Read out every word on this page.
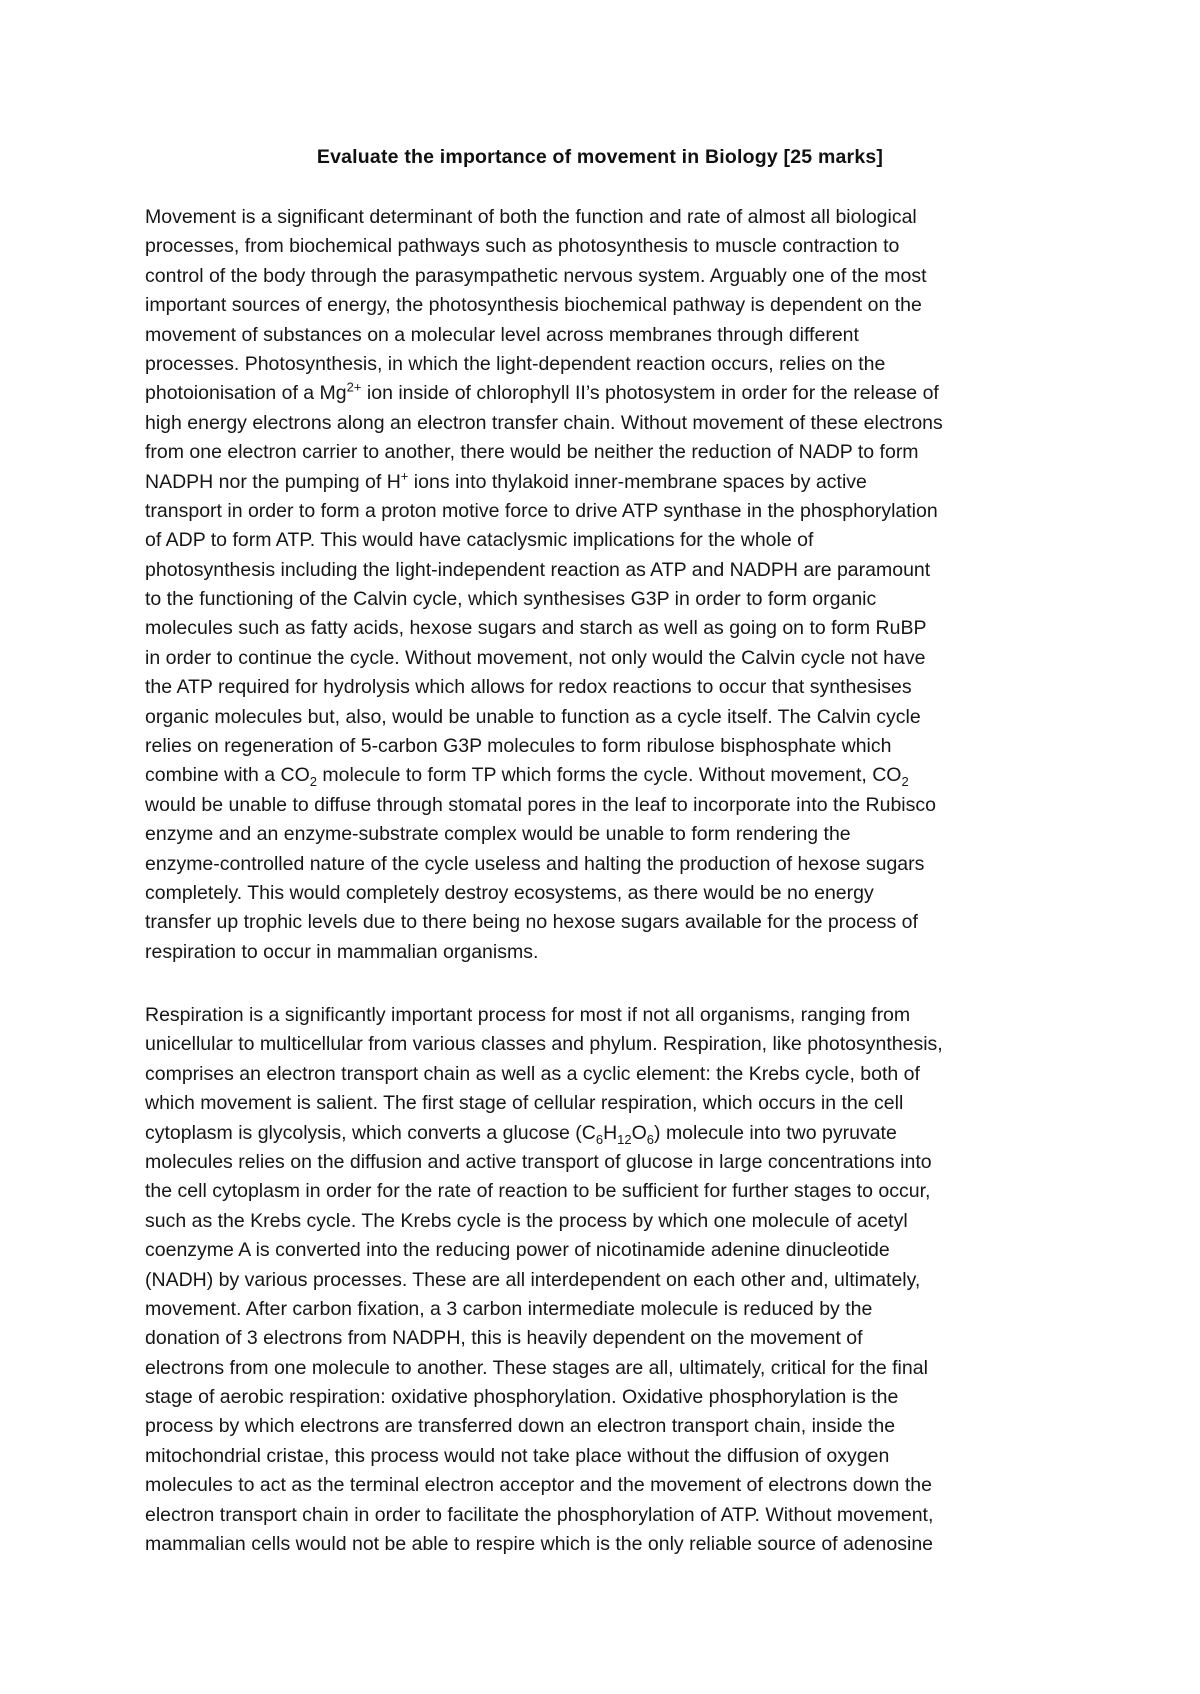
Evaluate the importance of movement in Biology [25 marks]
Movement is a significant determinant of both the function and rate of almost all biological
processes, from biochemical pathways such as photosynthesis to muscle contraction to
control of the body through the parasympathetic nervous system. Arguably one of the most
important sources of energy, the photosynthesis biochemical pathway is dependent on the
movement of substances on a molecular level across membranes through different
processes. Photosynthesis, in which the light-dependent reaction occurs, relies on the
photoionisation of a $Mg^{2+}$ ion inside of chlorophyll II’s photosystem in order for the release of
high energy electrons along an electron transfer chain. Without movement of these electrons
from one electron carrier to another, there would be neither the reduction of NADP to form
NADPH nor the pumping of H+ ions into thylakoid inner-membrane spaces by active
transport in order to form a proton motive force to drive ATP synthase in the phosphorylation
of ADP to form ATP. This would have cataclysmic implications for the whole of
photosynthesis including the light-independent reaction as ATP and NADPH are paramount
to the functioning of the Calvin cycle, which synthesises G3P in order to form organic
molecules such as fatty acids, hexose sugars and starch as well as going on to form RuBP
in order to continue the cycle. Without movement, not only would the Calvin cycle not have
the ATP required for hydrolysis which allows for redox reactions to occur that synthesises
organic molecules but, also, would be unable to function as a cycle itself. The Calvin cycle
relies on regeneration of 5-carbon G3P molecules to form ribulose bisphosphate which
combine with a $CO_2$ molecule to form TP which forms the cycle. Without movement, $CO_2$
would be unable to diffuse through stomatal pores in the leaf to incorporate into the Rubisco
enzyme and an enzyme-substrate complex would be unable to form rendering the
enzyme-controlled nature of the cycle useless and halting the production of hexose sugars
completely. This would completely destroy ecosystems, as there would be no energy
transfer up trophic levels due to there being no hexose sugars available for the process of
respiration to occur in mammalian organisms.
Respiration is a significantly important process for most if not all organisms, ranging from
unicellular to multicellular from various classes and phylum. Respiration, like photosynthesis,
comprises an electron transport chain as well as a cyclic element: the Krebs cycle, both of
which movement is salient. The first stage of cellular respiration, which occurs in the cell
cytoplasm is glycolysis, which converts a glucose $(C_6H_{12}O_6)$ molecule into two pyruvate
molecules relies on the diffusion and active transport of glucose in large concentrations into
the cell cytoplasm in order for the rate of reaction to be sufficient for further stages to occur,
such as the Krebs cycle. The Krebs cycle is the process by which one molecule of acetyl
coenzyme A is converted into the reducing power of nicotinamide adenine dinucleotide
(NADH) by various processes. These are all interdependent on each other and, ultimately,
movement. After carbon fixation, a 3 carbon intermediate molecule is reduced by the
donation of 3 electrons from NADPH, this is heavily dependent on the movement of
electrons from one molecule to another. These stages are all, ultimately, critical for the final
stage of aerobic respiration: oxidative phosphorylation. Oxidative phosphorylation is the
process by which electrons are transferred down an electron transport chain, inside the
mitochondrial cristae, this process would not take place without the diffusion of oxygen
molecules to act as the terminal electron acceptor and the movement of electrons down the
electron transport chain in order to facilitate the phosphorylation of ATP. Without movement,
mammalian cells would not be able to respire which is the only reliable source of adenosine
